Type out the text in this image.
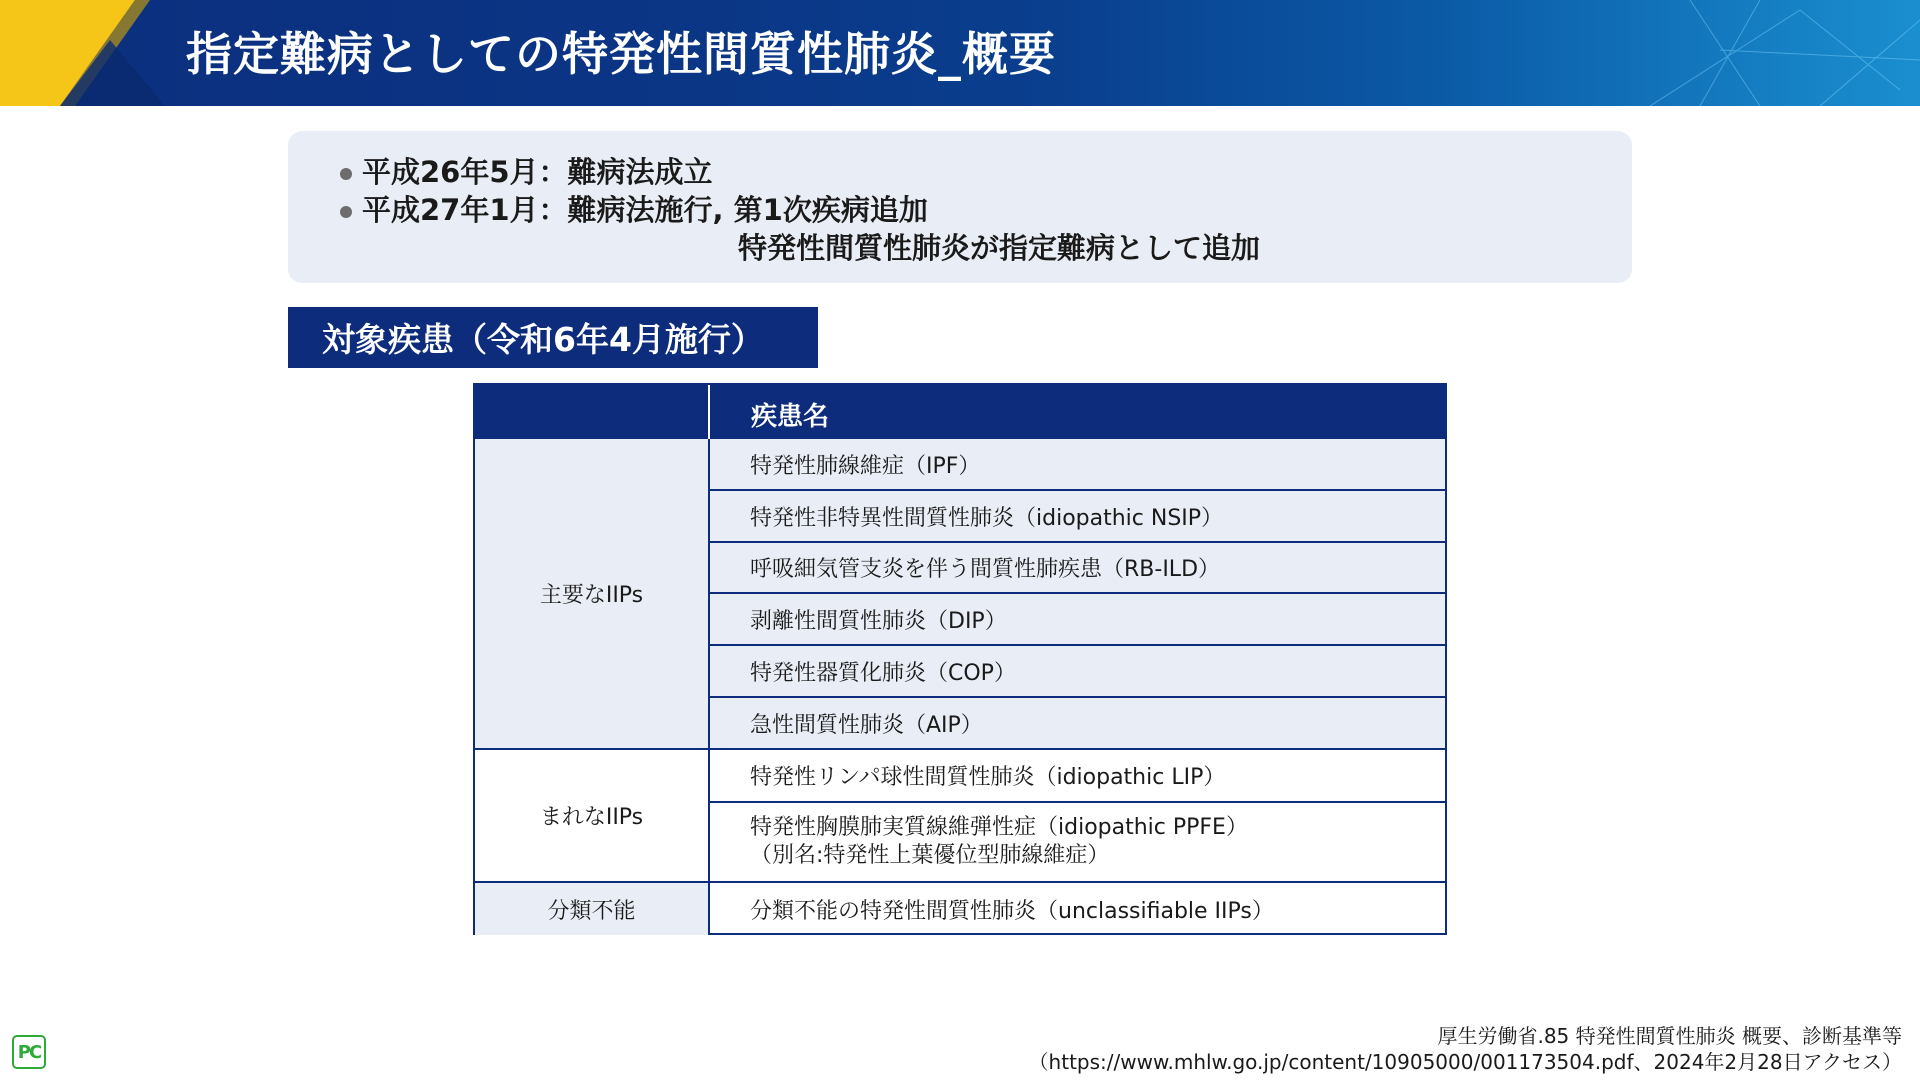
指定難病としての特発性間質性肺炎_概要
平成26年5月：難病法成立
平成27年1月：難病法施行, 第1次疾病追加
特発性間質性肺炎が指定難病として追加
対象疾患（令和6年4月施行）
疾患名
主要なIIPs
まれなIIPs
分類不能
特発性肺線維症（IPF）
特発性非特異性間質性肺炎（idiopathic NSIP）
呼吸細気管支炎を伴う間質性肺疾患（RB-ILD）
剥離性間質性肺炎（DIP）
特発性器質化肺炎（COP）
急性間質性肺炎（AIP）
特発性リンパ球性間質性肺炎（idiopathic LIP）
特発性胸膜肺実質線維弾性症（idiopathic PPFE）
（別名:特発性上葉優位型肺線維症）
分類不能の特発性間質性肺炎（unclassifiable IIPs）
厚生労働省.85 特発性間質性肺炎 概要、診断基準等
（https://www.mhlw.go.jp/content/10905000/001173504.pdf、2024年2月28日アクセス）
PC
